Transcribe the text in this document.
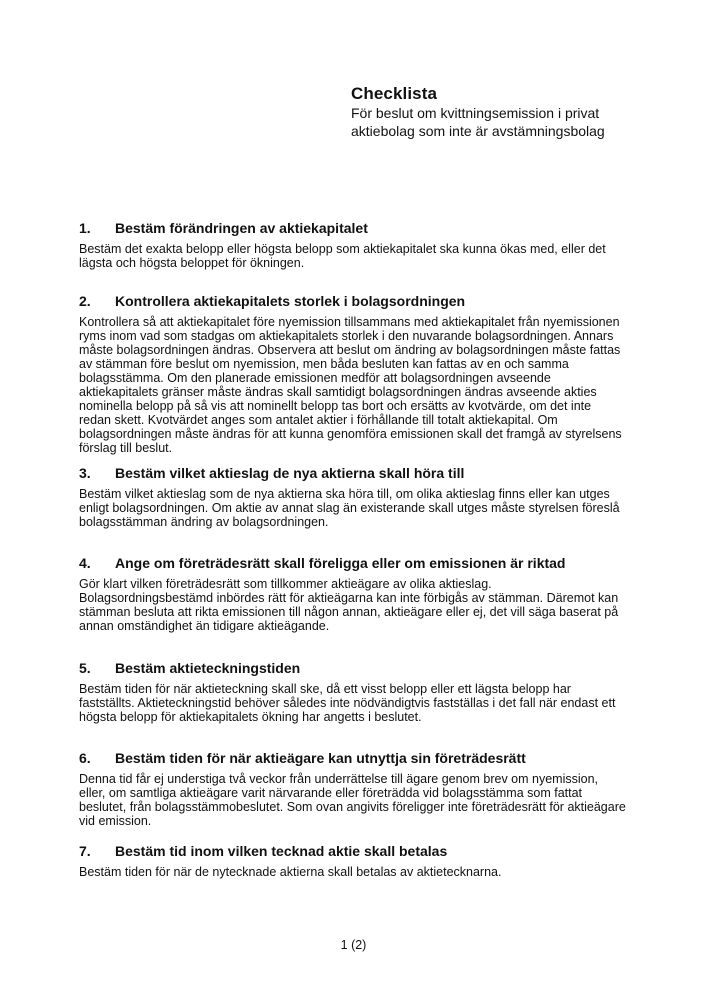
Checklista
För beslut om kvittningsemission i privat
aktiebolag som inte är avstämningsbolag
1.	Bestäm förändringen av aktiekapitalet
Bestäm det exakta belopp eller högsta belopp som aktiekapitalet ska kunna ökas med, eller det lägsta och högsta beloppet för ökningen.
2.	Kontrollera aktiekapitalets storlek i bolagsordningen
Kontrollera så att aktiekapitalet före nyemission tillsammans med aktiekapitalet från nyemissionen ryms inom vad som stadgas om aktiekapitalets storlek i den nuvarande bolagsordningen. Annars måste bolagsordningen ändras. Observera att beslut om ändring av bolagsordningen måste fattas av stämman före beslut om nyemission, men båda besluten kan fattas av en och samma bolagsstämma. Om den planerade emissionen medför att bolagsordningen avseende aktiekapitalets gränser måste ändras skall samtidigt bolagsordningen ändras avseende akties nominella belopp på så vis att nominellt belopp tas bort och ersätts av kvotvärde, om det inte redan skett. Kvotvärdet anges som antalet aktier i förhållande till totalt aktiekapital. Om bolagsordningen måste ändras för att kunna genomföra emissionen skall det framgå av styrelsens förslag till beslut.
3.	Bestäm vilket aktieslag de nya aktierna skall höra till
Bestäm vilket aktieslag som de nya aktierna ska höra till, om olika aktieslag finns eller kan utges enligt bolagsordningen. Om aktie av annat slag än existerande skall utges måste styrelsen föreslå bolagsstämman ändring av bolagsordningen.
4.	Ange om företrädesrätt skall föreligga eller om emissionen är riktad
Gör klart vilken företrädesrätt som tillkommer aktieägare av olika aktieslag. Bolagsordningsbestämd inbördes rätt för aktieägarna kan inte förbigås av stämman. Däremot kan stämman besluta att rikta emissionen till någon annan, aktieägare eller ej, det vill säga baserat på annan omständighet än tidigare aktieägande.
5.	Bestäm aktieteckningstiden
Bestäm tiden för när aktieteckning skall ske, då ett visst belopp eller ett lägsta belopp har fastställts. Aktieteckningstid behöver således inte nödvändigtvis fastställas i det fall när endast ett högsta belopp för aktiekapitalets ökning har angetts i beslutet.
6.	Bestäm tiden för när aktieägare kan utnyttja sin företrädesrätt
Denna tid får ej understiga två veckor från underrättelse till ägare genom brev om nyemission, eller, om samtliga aktieägare varit närvarande eller företrädda vid bolagsstämma som fattat beslutet, från bolagsstämmobeslutet. Som ovan angivits föreligger inte företrädesrätt för aktieägare vid emission.
7.	Bestäm tid inom vilken tecknad aktie skall betalas
Bestäm tiden för när de nytecknade aktierna skall betalas av aktietecknarna.
1 (2)
